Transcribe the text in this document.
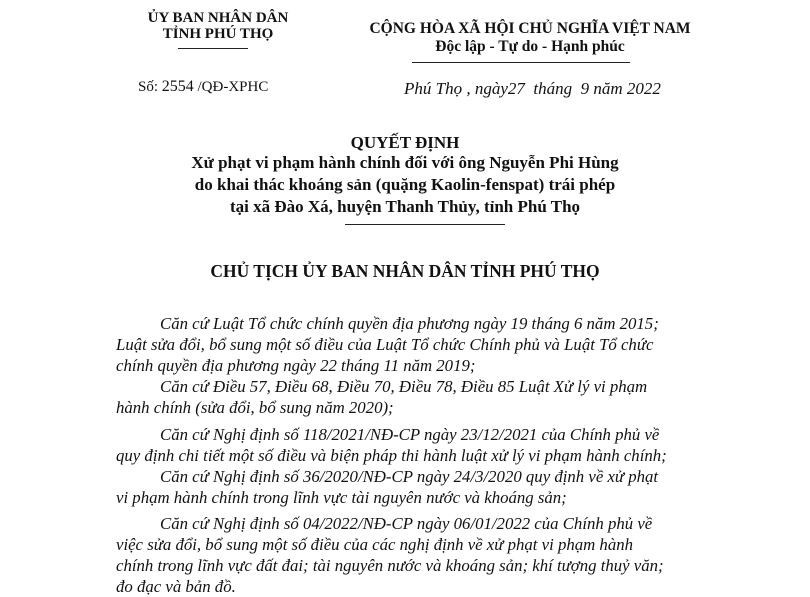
ỦY BAN NHÂN DÂN
TỈNH PHÚ THỌ	CỘNG HÒA XÃ HỘI CHỦ NGHĨA VIỆT NAM
Độc lập - Tự do - Hạnh phúc
Số: 2554 /QĐ-XPHC	Phú Thọ , ngày27 tháng 9 năm 2022
QUYẾT ĐỊNH
Xử phạt vi phạm hành chính đối với ông Nguyễn Phi Hùng
do khai thác khoáng sản (quặng Kaolin-fenspat) trái phép
tại xã Đào Xá, huyện Thanh Thủy, tỉnh Phú Thọ
CHỦ TỊCH ỦY BAN NHÂN DÂN TỈNH PHÚ THỌ
Căn cứ Luật Tổ chức chính quyền địa phương ngày 19 tháng 6 năm 2015;
Luật sửa đổi, bổ sung một số điều của Luật Tổ chức Chính phủ và Luật Tổ chức
chính quyền địa phương ngày 22 tháng 11 năm 2019;
Căn cứ Điều 57, Điều 68, Điều 70, Điều 78, Điều 85 Luật Xử lý vi phạm
hành chính (sửa đổi, bổ sung năm 2020);
Căn cứ Nghị định số 118/2021/NĐ-CP ngày 23/12/2021 của Chính phủ về
quy định chi tiết một số điều và biện pháp thi hành luật xử lý vi phạm hành chính;
Căn cứ Nghị định số 36/2020/NĐ-CP ngày 24/3/2020 quy định về xử phạt
vi phạm hành chính trong lĩnh vực tài nguyên nước và khoáng sản;
Căn cứ Nghị định số 04/2022/NĐ-CP ngày 06/01/2022 của Chính phủ về
việc sửa đổi, bổ sung một số điều của các nghị định về xử phạt vi phạm hành
chính trong lĩnh vực đất đai; tài nguyên nước và khoáng sản; khí tượng thuỷ văn;
đo đạc và bản đồ.
